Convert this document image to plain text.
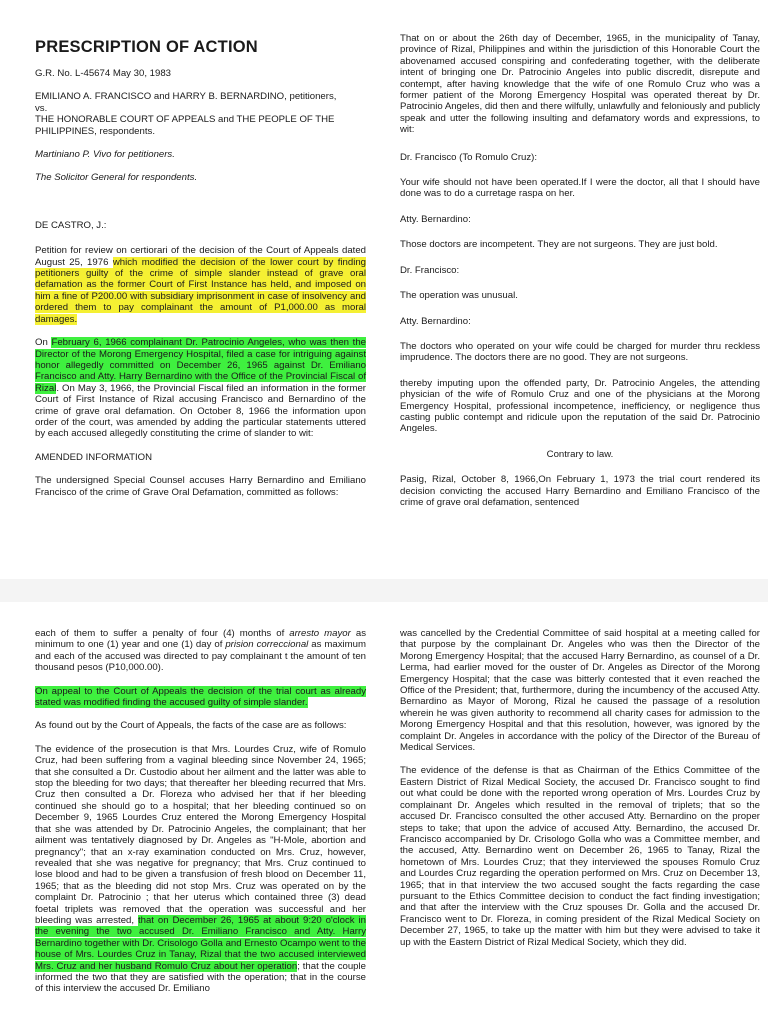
PRESCRIPTION OF ACTION

G.R. No. L-45674 May 30, 1983

EMILIANO A. FRANCISCO and HARRY B. BERNARDINO, petitioners,
vs.
THE HONORABLE COURT OF APPEALS and THE PEOPLE OF THE PHILIPPINES, respondents.

Martiniano P. Vivo for petitioners.

The Solicitor General for respondents.

DE CASTRO, J.:

Petition for review on certiorari of the decision of the Court of Appeals dated August 25, 1976 which modified the decision of the lower court by finding petitioners guilty of the crime of simple slander instead of grave oral defamation as the former Court of First Instance has held, and imposed on him a fine of P200.00 with subsidiary imprisonment in case of insolvency and ordered them to pay complainant the amount of P1,000.00 as moral damages.

On February 6, 1966 complainant Dr. Patrocinio Angeles, who was then the Director of the Morong Emergency Hospital, filed a case for intriguing against honor allegedly committed on December 26, 1965 against Dr. Emiliano Francisco and Atty. Harry Bernardino with the Office of the Provincial Fiscal of Rizal. On May 3, 1966, the Provincial Fiscal filed an information in the former Court of First Instance of Rizal accusing Francisco and Bernardino of the crime of grave oral defamation. On October 8, 1966 the information upon order of the court, was amended by adding the particular statements uttered by each accused allegedly constituting the crime of slander to wit:

AMENDED INFORMATION

The undersigned Special Counsel accuses Harry Bernardino and Emiliano Francisco of the crime of Grave Oral Defamation, committed as follows:

That on or about the 26th day of December, 1965, in the municipality of Tanay, province of Rizal, Philippines and within the jurisdiction of this Honorable Court the abovenamed accused conspiring and confederating together, with the deliberate intent of bringing one Dr. Patrocinio Angeles into public discredit, disrepute and contempt, after having knowledge that the wife of one Romulo Cruz who was a former patient of the Morong Emergency Hospital was operated thereat by Dr. Patrocinio Angeles, did then and there wilfully, unlawfully and feloniously and publicly speak and utter the following insulting and defamatory words and expressions, to wit:

Dr. Francisco (To Romulo Cruz):

Your wife should not have been operated.If I were the doctor, all that I should have done was to do a curretage raspa on her.

Atty. Bernardino:

Those doctors are incompetent. They are not surgeons. They are just bold.

Dr. Francisco:

The operation was unusual.

Atty. Bernardino:

The doctors who operated on your wife could be charged for murder thru reckless imprudence. The doctors there are no good. They are not surgeons.

thereby imputing upon the offended party, Dr. Patrocinio Angeles, the attending physician of the wife of Romulo Cruz and one of the physicians at the Morong Emergency Hospital, professional incompetence, inefficiency, or negligence thus casting public contempt and ridicule upon the reputation of the said Dr. Patrocinio Angeles.

Contrary to law.

Pasig, Rizal, October 8, 1966,On February 1, 1973 the trial court rendered its decision convicting the accused Harry Bernardino and Emiliano Francisco of the crime of grave oral defamation, sentenced

each of them to suffer a penalty of four (4) months of arresto mayor as minimum to one (1) year and one (1) day of prision correccional as maximum and each of the accused was directed to pay complainant t the amount of ten thousand pesos (P10,000.00).

On appeal to the Court of Appeals the decision of the trial court as already stated was modified finding the accused guilty of simple slander.

As found out by the Court of Appeals, the facts of the case are as follows:

The evidence of the prosecution is that Mrs. Lourdes Cruz, wife of Romulo Cruz, had been suffering from a vaginal bleeding since November 24, 1965; that she consulted a Dr. Custodio about her ailment and the latter was able to stop the bleeding for two days; that thereafter her bleeding recurred that Mrs. Cruz then consulted a Dr. Floreza who advised her that if her bleeding continued she should go to a hospital; that her bleeding continued so on December 9, 1965 Lourdes Cruz entered the Morong Emergency Hospital that she was attended by Dr. Patrocinio Angeles, the complainant; that her ailment was tentatively diagnosed by Dr. Angeles as "H-Mole, abortion and pregnancy"; that an x-ray examination conducted on Mrs. Cruz, however, revealed that she was negative for pregnancy; that Mrs. Cruz continued to lose blood and had to be given a transfusion of fresh blood on December 11, 1965; that as the bleeding did not stop Mrs. Cruz was operated on by the complaint Dr. Patrocinio ; that her uterus which contained three (3) dead foetal triplets was removed that the operation was successful and her bleeding was arrested, that on December 26, 1965 at about 9:20 o'clock in the evening the two accused Dr. Emiliano Francisco and Atty. Harry Bernardino together with Dr. Crisologo Golla and Ernesto Ocampo went to the house of Mrs. Lourdes Cruz in Tanay, Rizal that the two accused interviewed Mrs. Cruz and her husband Romulo Cruz about her operation; that the couple informed the two that they are satisfied with the operation; that in the course of this interview the accused Dr. Emiliano

was cancelled by the Credential Committee of said hospital at a meeting called for that purpose by the complainant Dr. Angeles who was then the Director of the Morong Emergency Hospital; that the accused Harry Bernardino, as counsel of a Dr. Lerma, had earlier moved for the ouster of Dr. Angeles as Director of the Morong Emergency Hospital; that the case was bitterly contested that it even reached the Office of the President; that, furthermore, during the incumbency of the accused Atty. Bernardino as Mayor of Morong, Rizal he caused the passage of a resolution wherein he was given authority to recommend all charity cases for admission to the Morong Emergency Hospital and that this resolution, however, was ignored by the complaint Dr. Angeles in accordance with the policy of the Director of the Bureau of Medical Services.

The evidence of the defense is that as Chairman of the Ethics Committee of the Eastern District of Rizal Medical Society, the accused Dr. Francisco sought to find out what could be done with the reported wrong operation of Mrs. Lourdes Cruz by complainant Dr. Angeles which resulted in the removal of triplets; that so the accused Dr. Francisco consulted the other accused Atty. Bernardino on the proper steps to take; that upon the advice of accused Atty. Bernardino, the accused Dr. Francisco accompanied by Dr. Crisologo Golla who was a Committee member, and the accused, Atty. Bernardino went on December 26, 1965 to Tanay, Rizal the hometown of Mrs. Lourdes Cruz; that they interviewed the spouses Romulo Cruz and Lourdes Cruz regarding the operation performed on Mrs. Cruz on December 13, 1965; that in that interview the two accused sought the facts regarding the case pursuant to the Ethics Committee decision to conduct the fact finding investigation; and that after the interview with the Cruz spouses Dr. Golla and the accused Dr. Francisco went to Dr. Floreza, in coming president of the Rizal Medical Society on December 27, 1965, to take up the matter with him but they were advised to take it up with the Eastern District of Rizal Medical Society, which they did.
